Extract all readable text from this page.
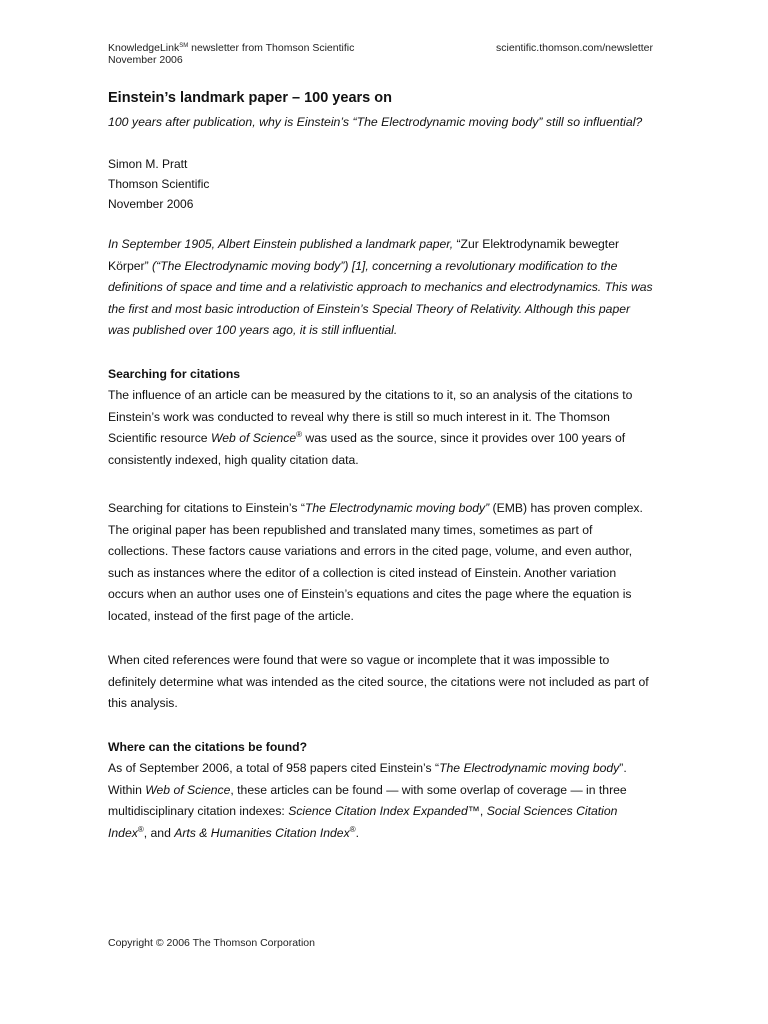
KnowledgeLink℠ newsletter from Thomson Scientific
November 2006
scientific.thomson.com/newsletter
Einstein’s landmark paper – 100 years on

100 years after publication, why is Einstein’s “The Electrodynamic moving body” still so influential?

Simon M. Pratt
Thomson Scientific
November 2006

In September 1905, Albert Einstein published a landmark paper, “Zur Elektrodynamik bewegter Körper” (“The Electrodynamic moving body”) [1], concerning a revolutionary modification to the definitions of space and time and a relativistic approach to mechanics and electrodynamics. This was the first and most basic introduction of Einstein’s Special Theory of Relativity. Although this paper was published over 100 years ago, it is still influential.

Searching for citations

The influence of an article can be measured by the citations to it, so an analysis of the citations to Einstein’s work was conducted to reveal why there is still so much interest in it. The Thomson Scientific resource Web of Science® was used as the source, since it provides over 100 years of consistently indexed, high quality citation data.

Searching for citations to Einstein’s “The Electrodynamic moving body” (EMB) has proven complex. The original paper has been republished and translated many times, sometimes as part of collections. These factors cause variations and errors in the cited page, volume, and even author, such as instances where the editor of a collection is cited instead of Einstein. Another variation occurs when an author uses one of Einstein’s equations and cites the page where the equation is located, instead of the first page of the article.

When cited references were found that were so vague or incomplete that it was impossible to definitely determine what was intended as the cited source, the citations were not included as part of this analysis.

Where can the citations be found?

As of September 2006, a total of 958 papers cited Einstein’s “The Electrodynamic moving body”. Within Web of Science, these articles can be found — with some overlap of coverage — in three multidisciplinary citation indexes: Science Citation Index Expanded™, Social Sciences Citation Index®, and Arts & Humanities Citation Index®.

Copyright © 2006 The Thomson Corporation
